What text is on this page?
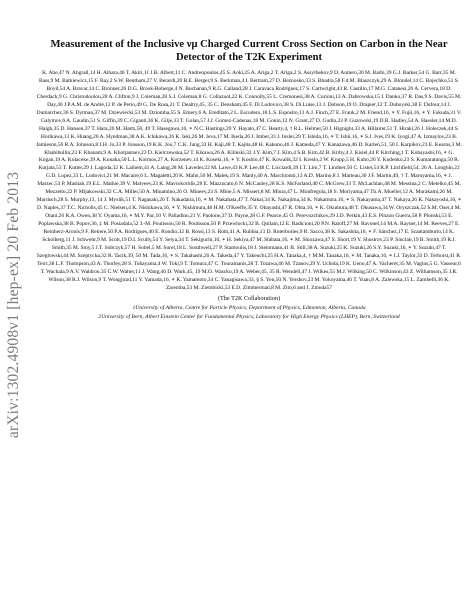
arXiv:1302.4908v1 [hep-ex] 20 Feb 2013
Measurement of the Inclusive νμ Charged Current Cross Section on Carbon in the Near Detector of the T2K Experiment
K. Abe,47 N. Abgrall,14 H. Aihara,46 T. Akiri,11 J.B. Albert,11 C. Andreopoulos,45 S. Aoki,25 A. Ariga,2 T. Ariga,2 S. Assylbekov,9 D. Autiero,30 M. Barbi,39 G.J. Barker,54 G. Barr,35 M. Bass,9 M. Batkiewicz,15 F. Bay,2 S.W. Bentham,27 V. Berardi,20 B.E. Berger,9 S. Berkman,4 I. Bertram,27 D. Beznosko,33 S. Bhadra,58 F.d.M. Blaszczyk,29 A. Blondel,14 C. Bojechko,51 S. Boyd,54 A. Bravar,14 C. Bronner,26 D.G. Brook-Roberge,4 N. Buchanan,9 R.G. Calland,28 J. Caravaca Rodríguez,17 S. Cartwright,43 R. Castillo,17 M.G. Catanesi,20 A. Cervera,18 D. Cherdack,9 G. Christodoulou,28 A. Clifton,9 J. Coleman,28 S.J. Coleman,8 G. Collazuol,22 K. Connolly,55 L. Cremonesi,38 A. Curioni,13 A. Dabrowska,15 I. Danko,37 R. Das,9 S. Davis,55 M. Day,40 J.P.A.M. de André,12 P. de Perio,49 G. De Rosa,21 T. Dealtry,45, 35 C. Densham,45 F. Di Lodovico,38 S. Di Luise,13 J. Dobson,19 O. Drapier,12 T. Duboyski,38 F. Dufour,14 J. Dumarchez,36 S. Dytman,37 M. Dziewiecki,53 M. Dziomba,55 S. Emery,6 A. Ereditato,2 L. Escudero,18 L.S. Esposito,13 A.J. Finch,27 E. Frank,2 M. Friend,16, ∗ Y. Fujii,16, ∗ Y. Fukuda,31 V. Galymov,6 A. Gaudin,51 S. Giffin,39 C. Giganti,36 K. Gilje,33 T. Golan,57 J.J. Gomez-Cadenas,18 M. Gonin,12 N. Grant,27 D. Gudin,23 P. Guzowski,19 D.R. Hadley,54 A. Haesler,14 M.D. Haigh,35 D. Hansen,37 T. Hara,26 M. Hartz,58, 49 T. Hasegawa,16, ∗ N.C. Hastings,39 Y. Hayato,47 C. Hearty,4, † R.L. Helmer,50 J. Hignight,33 A. Hillairet,51 T. Hiraki,26 J. Holeczek,44 S. Horikawa,13 K. Huang,26 A. Hyndman,38 A.K. Ichikawa,26 K. Ieki,26 M. Ieva,17 M. Ikeda,26 J. Imber,33 J. Insler,29 T. Ishida,16, ∗ T. Ishii,16, ∗ S.J. Ives,19 K. Iyogi,47 A. Izmaylov,23 B. Jamieson,56 R.A. Johnson,8 J.H. Jo,33 P. Jonsson,19 K.K. Joo,7 C.K. Jung,33 H. Kaji,48 T. Kajita,48 H. Kakuno,46 J. Kameda,47 Y. Kanazawa,46 D. Karlen,51, 50 I. Karpikov,23 E. Kearns,3 M. Khabibullin,23 F. Khanam,9 A. Khotjantsev,23 D. Kielczewska,52 T. Kikawa,26 A. Kilinski,32 J.Y. Kim,7 J. Kim,4 S.B. Kim,42 B. Kirby,4 J. Kisiel,44 P. Kitching,1 T. Kobayashi,16, ∗ G. Kogan,19 A. Kolaceke,39 A. Konaka,50 L.L. Kormos,27 A. Korzenev,14 K. Koseki,16, ∗ Y. Koshio,47 K. Kowalik,32 I. Kreslo,2 W. Kropp,5 H. Kubo,26 Y. Kudenko,23 S. Kumaratunga,50 R. Kurjata,53 T. Kutter,29 J. Lagoda,32 K. Laihem,41 A. Laing,28 M. Laveder,22 M. Lawe,43 K.P. Lee,48 C. Licciardi,39 I.T. Lim,7 T. Lindner,50 C. Lister,54 R.P. Litchfield,54, 26 A. Longhin,22 G.D. Lopez,33 L. Ludovici,21 M. Macaire,6 L. Magaletti,20 K. Mahn,50 M. Malek,19 S. Manly,40 A. Marchionni,13 A.D. Marino,8 J. Marteau,30 J.F. Martin,49, † T. Maruyama,16, ∗ J. Marzec,53 P. Masliah,19 E.L. Mathie,39 V. Matveev,23 K. Mavrokoridis,28 E. Mazzucato,6 N. McCauley,28 K.S. McFarland,40 C. McGrew,33 T. McLachlan,48 M. Messina,2 C. Metelko,45 M. Mezzetto,22 P. Mijakowski,32 C.A. Miller,50 A. Minamino,26 O. Mineev,23 S. Mine,5 A. Missert,8 M. Miura,47 L. Monfregola,18 S. Moriyama,47 Th.A. Mueller,12 A. Murakami,26 M. Murdoch,28 S. Murphy,13, 14 J. Myslik,51 T. Nagasaki,26 T. Nakadaira,16, ∗ M. Nakahata,47 T. Nakai,34 K. Nakajima,34 K. Nakamura,16, ∗ S. Nakayama,47 T. Nakaya,26 K. Nakayoshi,16, ∗ D. Naples,37 T.C. Nicholls,45 C. Nielsen,4 K. Nishikawa,16, ∗ Y. Nishimura,48 H.M. O'Keeffe,35 Y. Obayashi,47 R. Ohta,16, ∗ K. Okumura,48 T. Okusawa,34 W. Oryszczak,52 S.M. Oser,4 M. Otani,26 R.A. Owen,38 Y. Oyama,16, ∗ M.Y. Pac,10 V. Palladino,21 V. Paolone,37 D. Payne,28 G.F. Pearce,45 O. Perevozchikov,29 J.D. Perkin,43 E.S. Pinzon Guerra,58 P. Plonski,53 E. Poplawska,38 B. Popov,36, ‡ M. Posiadala,52 J.-M. Poutissou,50 R. Poutissou,50 P. Przewlocki,32 B. Quilain,12 E. Radicioni,20 P.N. Ratoff,27 M. Ravonel,14 M.A. Rayner,14 M. Reeves,27 E. Reinherz-Aronis,9 F. Retiere,50 P.A. Rodrigues,40 E. Rondio,32 B. Rossi,13 S. Roth,41 A. Rubbia,13 D. Ruterbories,9 R. Sacco,38 K. Sakashita,16, ∗ F. Sánchez,17 E. Scantamburlo,14 K. Scholberg,11 J. Schwehr,9 M. Scott,19 D.I. Scully,54 Y. Seiya,34 T. Sekiguchi,16, ∗ H. Sekiya,47 M. Shibata,16, ∗ M. Shiozawa,47 S. Short,19 Y. Shustrov,23 P. Sinclair,19 B. Smith,19 R.J. Smith,35 M. Smy,5 J.T. Sobczyk,57 H. Sobel,5 M. Sorel,18 L. Southwell,27 P. Stamoulis,18 J. Steinmann,41 B. Still,38 A. Suzuki,25 K. Suzuki,26 S.Y. Suzuki,16, ∗ Y. Suzuki,47 T. Szeglowski,44 M. Szeptycka,32 R. Tacik,39, 50 M. Tada,16, ∗ S. Takahashi,26 A. Takeda,47 Y. Takeuchi,25 H.A. Tanaka,4, † M.M. Tanaka,16, ∗ M. Tanaka,16, ∗ I.J. Taylor,33 D. Terhorst,41 R. Terri,38 L.F. Thompson,43 A. Thorley,28 S. Tobayama,4 W. Toki,9 T. Tomura,47 C. Touramanis,28 T. Tozawa,46 M. Tzanov,29 Y. Uchida,19 K. Ueno,47 A. Vacheret,35 M. Vagins,5 G. Vasseur,6 T. Wachala,9 A.V. Waldron,35 C.W. Walter,11 J. Wang,46 D. Wark,45, 19 M.O. Wascko,19 A. Weber,45, 35 R. Wendell,47 J. Wilkes,55 M.J. Wilking,50 C. Wilkinson,43 Z. Williamson,35 J.R. Wilson,38 R.J. Wilson,9 T. Wongjirad,11 Y. Yamada,16, ∗ K. Yamamoto,34 C. Yanagisawa,33, § S. Yen,50 N. Yershov,23 M. Yokoyama,46 T. Yuan,8 A. Zalewska,15 L. Zambelli,36 K. Zaremba,53 M. Ziembicki,53 E.D. Zimmerman,8 M. Zito,6 and J. Zmuda57
(The T2K Collaboration)

1University of Alberta, Centre for Particle Physics, Department of Physics, Edmonton, Alberta, Canada

2University of Bern, Albert Einstein Center for Fundamental Physics, Laboratory for High Energy Physics (LHEP), Bern, Switzerland
